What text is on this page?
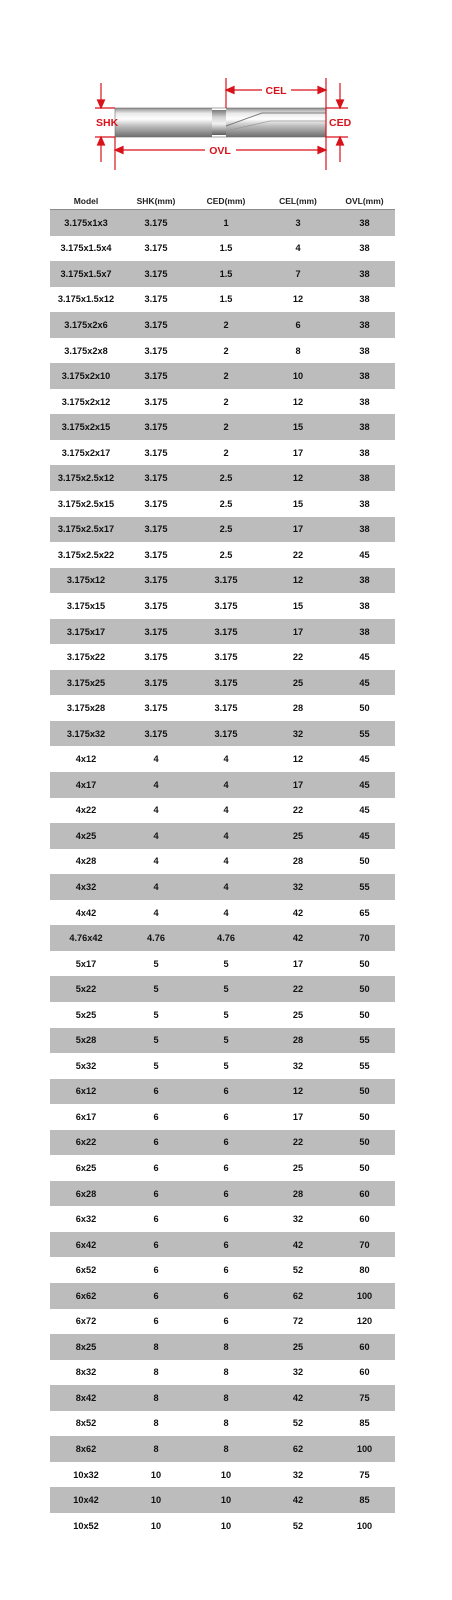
CEL
OVL
SHK	CED
Model	SHK(mm)	CED(mm)	CEL(mm)	OVL(mm)
3.175x1x3	3.175	1	3	38
3.175x1.5x4	3.175	1.5	4	38
3.175x1.5x7	3.175	1.5	7	38
3.175x1.5x12	3.175	1.5	12	38
3.175x2x6	3.175	2	6	38
3.175x2x8	3.175	2	8	38
3.175x2x10	3.175	2	10	38
3.175x2x12	3.175	2	12	38
3.175x2x15	3.175	2	15	38
3.175x2x17	3.175	2	17	38
3.175x2.5x12	3.175	2.5	12	38
3.175x2.5x15	3.175	2.5	15	38
3.175x2.5x17	3.175	2.5	17	38
3.175x2.5x22	3.175	2.5	22	45
3.175x12	3.175	3.175	12	38
3.175x15	3.175	3.175	15	38
3.175x17	3.175	3.175	17	38
3.175x22	3.175	3.175	22	45
3.175x25	3.175	3.175	25	45
3.175x28	3.175	3.175	28	50
3.175x32	3.175	3.175	32	55
4x12	4	4	12	45
4x17	4	4	17	45
4x22	4	4	22	45
4x25	4	4	25	45
4x28	4	4	28	50
4x32	4	4	32	55
4x42	4	4	42	65
4.76x42	4.76	4.76	42	70
5x17	5	5	17	50
5x22	5	5	22	50
5x25	5	5	25	50
5x28	5	5	28	55
5x32	5	5	32	55
6x12	6	6	12	50
6x17	6	6	17	50
6x22	6	6	22	50
6x25	6	6	25	50
6x28	6	6	28	60
6x32	6	6	32	60
6x42	6	6	42	70
6x52	6	6	52	80
6x62	6	6	62	100
6x72	6	6	72	120
8x25	8	8	25	60
8x32	8	8	32	60
8x42	8	8	42	75
8x52	8	8	52	85
8x62	8	8	62	100
10x32	10	10	32	75
10x42	10	10	42	85
10x52	10	10	52	100
